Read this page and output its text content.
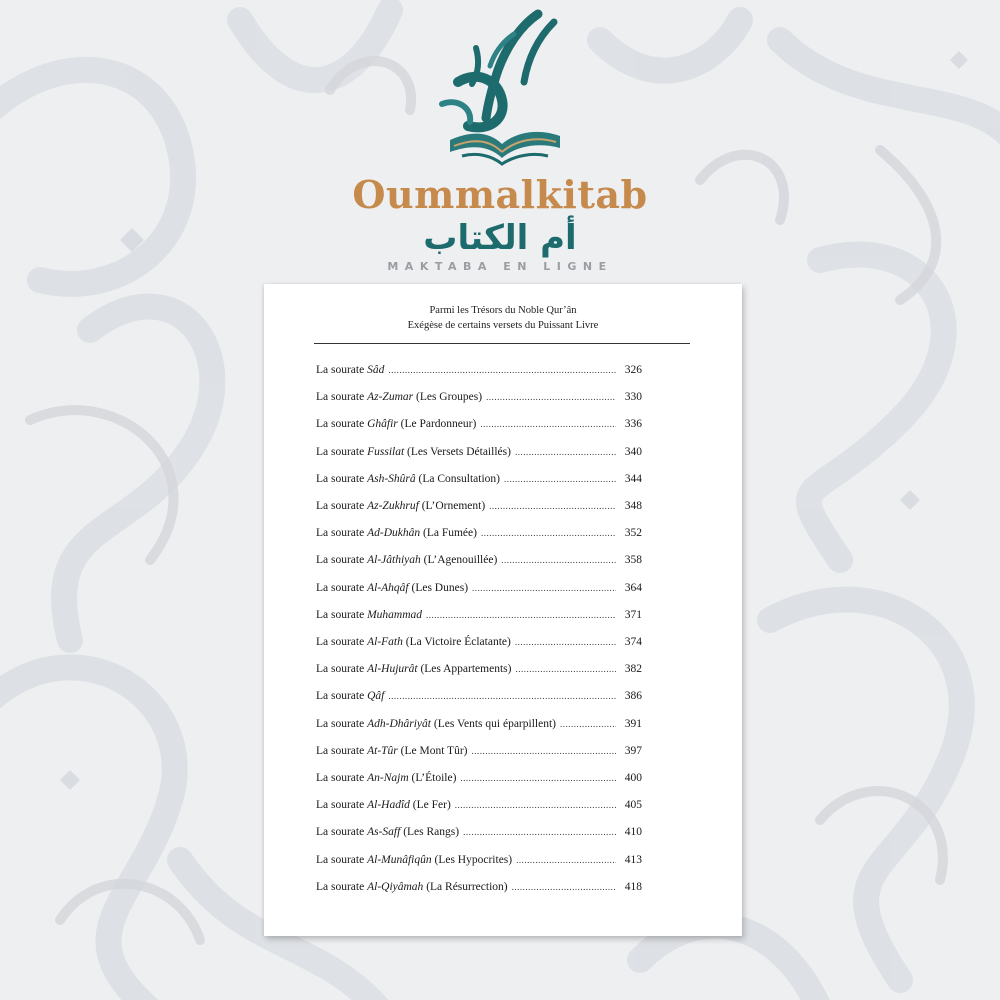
Oummalkitab
أم الكتاب
MAKTABA EN LIGNE
Parmi les Trésors du Noble Qur’ân
Exégèse de certains versets du Puissant Livre
La sourate Sâd .....	326
La sourate Az-Zumar (Les Groupes) .....	330
La sourate Ghâfir (Le Pardonneur) .....	336
La sourate Fussilat (Les Versets Détaillés) .....	340
La sourate Ash-Shûrâ (La Consultation) .....	344
La sourate Az-Zukhruf (L’Ornement) .....	348
La sourate Ad-Dukhân (La Fumée) .....	352
La sourate Al-Jâthiyah (L’Agenouillée) .....	358
La sourate Al-Ahqâf (Les Dunes) .....	364
La sourate Muhammad .....	371
La sourate Al-Fath (La Victoire Éclatante) .....	374
La sourate Al-Hujurât (Les Appartements) .....	382
La sourate Qâf .....	386
La sourate Adh-Dhâriyât (Les Vents qui éparpillent) .....	391
La sourate At-Tûr (Le Mont Tûr) .....	397
La sourate An-Najm (L’Étoile) .....	400
La sourate Al-Hadîd (Le Fer) .....	405
La sourate As-Saff (Les Rangs) .....	410
La sourate Al-Munâfiqûn (Les Hypocrites) .....	413
La sourate Al-Qiyâmah (La Résurrection) .....	418
